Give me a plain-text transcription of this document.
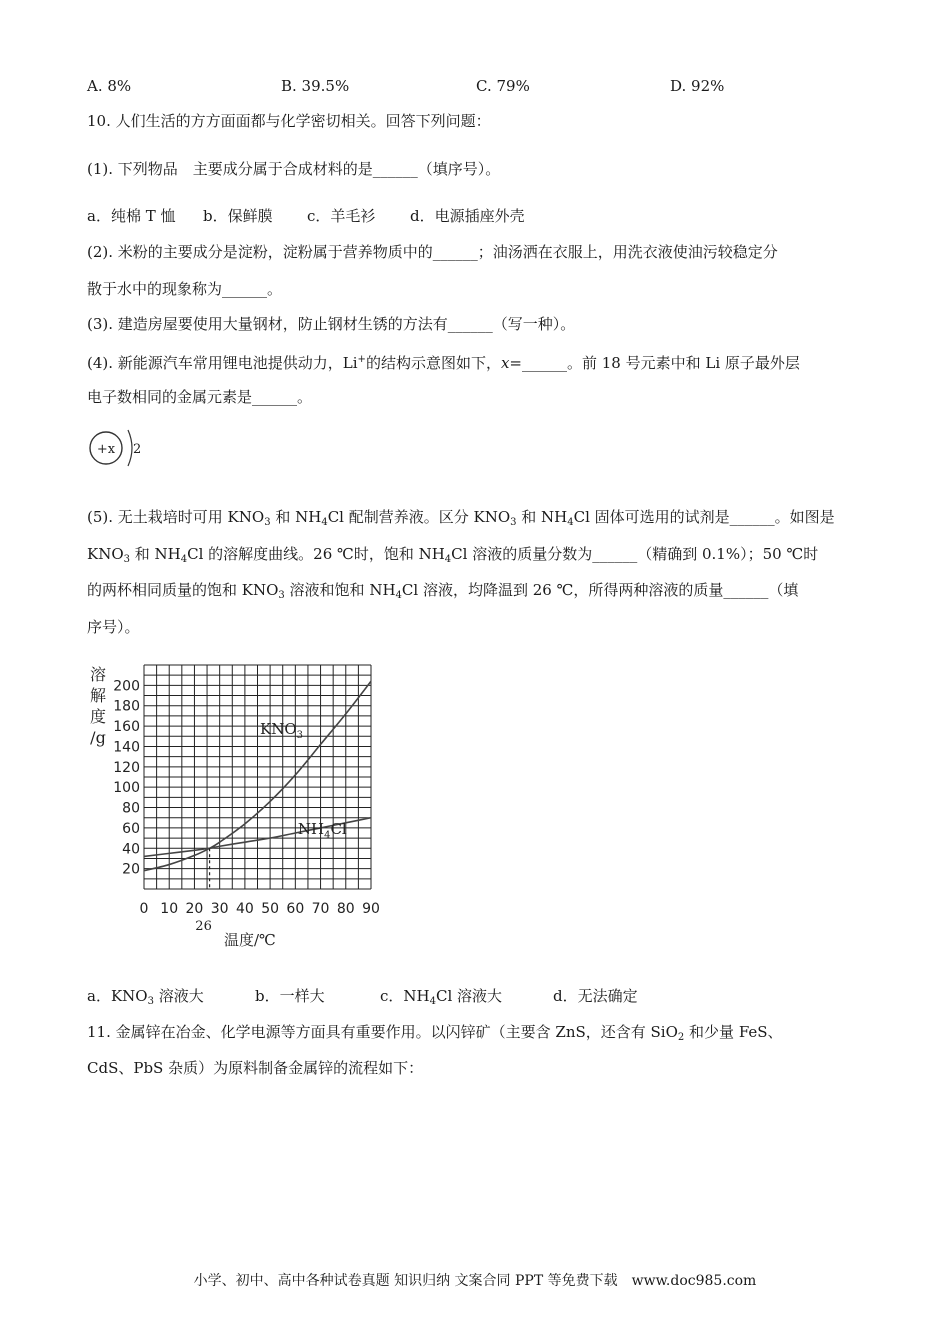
A. 8%	B. 39.5%	C. 79%	D. 92%
10. 人们生活的方方面面都与化学密切相关。回答下列问题：
(1). 下列物品　主要成分属于合成材料的是______（填序号）。
a．纯棉 T 恤 b．保鲜膜 c．羊毛衫 d．电源插座外壳
(2). 米粉的主要成分是淀粉，淀粉属于营养物质中的______；油汤洒在衣服上，用洗衣液使油污较稳定分
散于水中的现象称为______。
(3). 建造房屋要使用大量钢材，防止钢材生锈的方法有______（写一种）。
(4). 新能源汽车常用锂电池提供动力，Li+的结构示意图如下，x=______。前 18 号元素中和 Li 原子最外层
电子数相同的金属元素是______。
+x 2
(5). 无土栽培时可用 $KNO_3$ 和 $NH_4Cl$ 配制营养液。区分 $KNO_3$ 和 $NH_4Cl$ 固体可选用的试剂是______。如图是
$KNO_3$ 和 $NH_4Cl$ 的溶解度曲线。26 ℃时，饱和 $NH_4Cl$ 溶液的质量分数为______（精确到 0.1%）；50 ℃时
的两杯相同质量的饱和 $KNO_3$ 溶液和饱和 $NH_4Cl$ 溶液，均降温到 26 ℃，所得两种溶液的质量______（填
序号）。
溶
解
度
/g
20
40
60
80
100
120
140
160
180
200
0 10 20 30 40 50 60 70 80 90
$KNO_3$
$NH_4Cl$
26
温度/℃
a．$KNO_3$ 溶液大	b．一样大	c．$NH_4Cl$ 溶液大	d．无法确定
11. 金属锌在冶金、化学电源等方面具有重要作用。以闪锌矿（主要含 ZnS，还含有 SiO$_2$ 和少量 FeS、
CdS、PbS 杂质）为原料制备金属锌的流程如下：
小学、初中、高中各种试卷真题 知识归纳 文案合同 PPT 等免费下载　www.doc985.com
